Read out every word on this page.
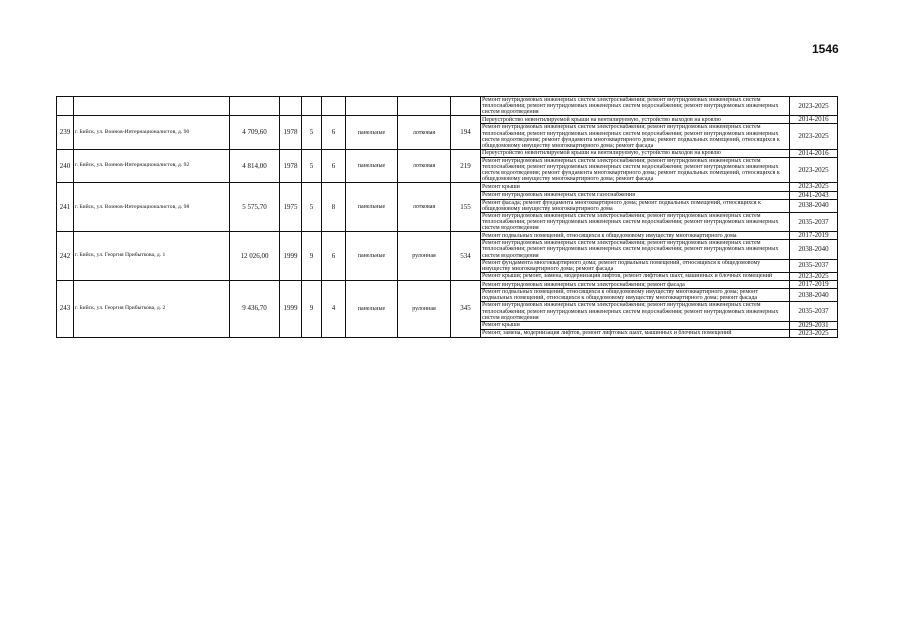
1546
									Ремонт внутридомовых инженерных систем электроснабжения; ремонт внутридомовых инженерных систем теплоснабжения; ремонт внутридомовых инженерных систем водоснабжения; ремонт внутридомовых инженерных систем водоотведения	2023-2025
239	г. Бийск, ул. Воинов-Интернационалистов, д. 90	4 709,60	1978	5	6	панельные	лотковая	194	Переустройство невентилируемой крыши на вентилируемую, устройство выходов на кровлю	2014-2016
									Ремонт внутридомовых инженерных систем электроснабжения; ремонт внутридомовых инженерных систем теплоснабжения; ремонт внутридомовых инженерных систем водоснабжения; ремонт внутридомовых инженерных систем водоотведения; ремонт фундамента многоквартирного дома; ремонт подвальных помещений, относящихся к общедомовому имуществу многоквартирного дома; ремонт фасада	2023-2025
240	г. Бийск, ул. Воинов-Интернационалистов, д. 92	4 814,00	1978	5	6	панельные	лотковая	219	Переустройство невентилируемой крыши на вентилируемую, устройство выходов на кровлю	2014-2016
									Ремонт внутридомовых инженерных систем электроснабжения; ремонт внутридомовых инженерных систем теплоснабжения; ремонт внутридомовых инженерных систем водоснабжения; ремонт внутридомовых инженерных систем водоотведения; ремонт фундамента многоквартирного дома; ремонт подвальных помещений, относящихся к общедомовому имуществу многоквартирного дома; ремонт фасада	2023-2025
241	г. Бийск, ул. Воинов-Интернационалистов, д. 98	5 575,70	1975	5	8	панельные	лотковая	155	Ремонт крыши	2023-2025
									Ремонт внутридомовых инженерных систем газоснабжения	2041-2043
									Ремонт фасада; ремонт фундамента многоквартирного дома; ремонт подвальных помещений, относящихся к общедомовому имуществу многоквартирного дома	2038-2040
									Ремонт внутридомовых инженерных систем электроснабжения; ремонт внутридомовых инженерных систем теплоснабжения; ремонт внутридомовых инженерных систем водоснабжения; ремонт внутридомовых инженерных систем водоотведения	2035-2037
242	г. Бийск, ул. Георгия Прибыткова, д. 1	12 026,00	1999	9	6	панельные	рулонная	534	Ремонт подвальных помещений, относящихся к общедомовому имуществу многоквартирного дома	2017-2019
									Ремонт внутридомовых инженерных систем электроснабжения; ремонт внутридомовых инженерных систем теплоснабжения; ремонт внутридомовых инженерных систем водоснабжения; ремонт внутридомовых инженерных систем водоотведения	2038-2040
									Ремонт фундамента многоквартирного дома; ремонт подвальных помещений, относящихся к общедомовому имуществу многоквартирного дома; ремонт фасада	2035-2037
									Ремонт крыши; ремонт, замена, модернизация лифтов, ремонт лифтовых шахт, машинных и блочных помещений	2023-2025
243	г. Бийск, ул. Георгия Прибыткова, д. 2	9 436,70	1999	9	4	панельные	рулонная	345	Ремонт внутридомовых инженерных систем электроснабжения; ремонт фасада	2017-2019
									Ремонт подвальных помещений, относящихся к общедомовому имуществу многоквартирного дома; ремонт подвальных помещений, относящихся к общедомовому имуществу многоквартирного дома; ремонт фасада	2038-2040
									Ремонт внутридомовых инженерных систем электроснабжения; ремонт внутридомовых инженерных систем теплоснабжения; ремонт внутридомовых инженерных систем водоснабжения; ремонт внутридомовых инженерных систем водоотведения	2035-2037
									Ремонт крыши	2029-2031
									Ремонт, замена, модернизация лифтов, ремонт лифтовых шахт, машинных и блочных помещений	2023-2025
